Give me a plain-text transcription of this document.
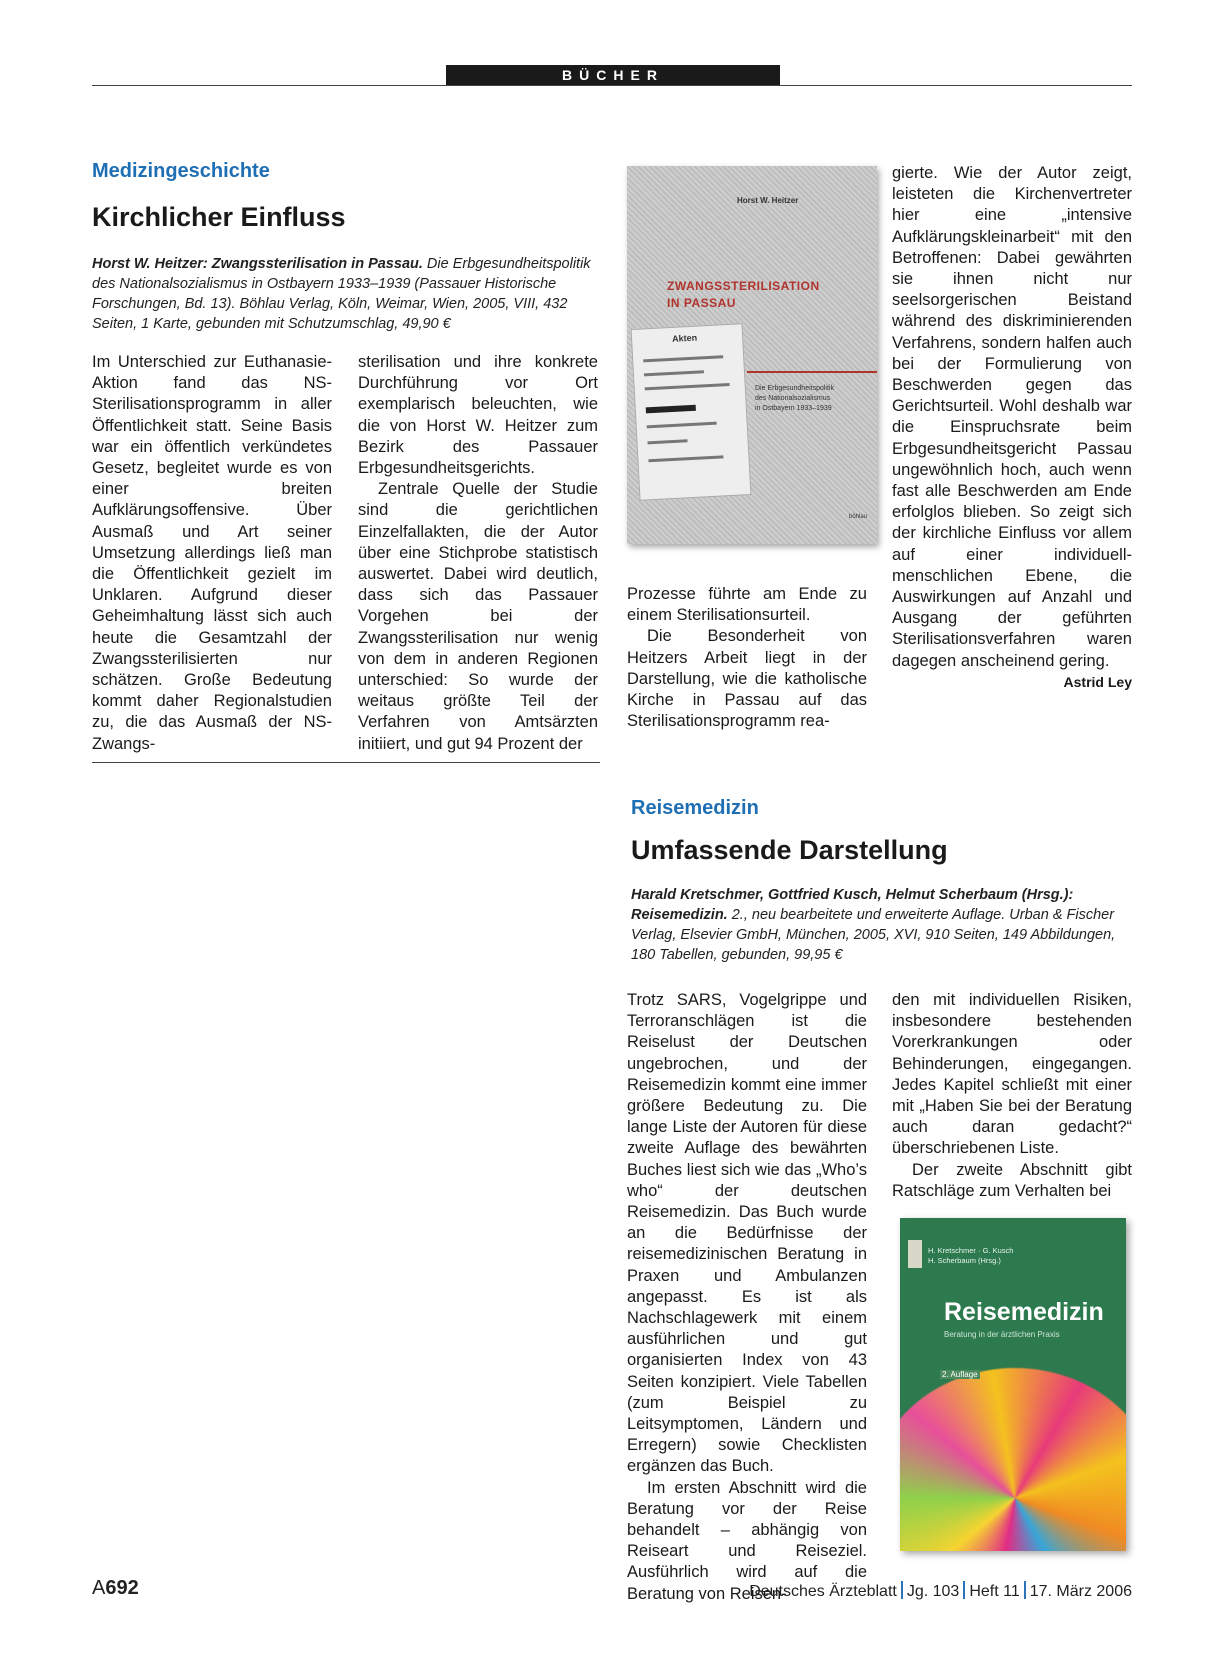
BÜCHER
Medizingeschichte
Kirchlicher Einfluss
Horst W. Heitzer: Zwangssterilisation in Passau. Die Erbgesundheitspolitik des Nationalsozialismus in Ostbayern 1933–1939 (Passauer Historische Forschungen, Bd. 13). Böhlau Verlag, Köln, Weimar, Wien, 2005, VIII, 432 Seiten, 1 Karte, gebunden mit Schutzumschlag, 49,90 €

Im Unterschied zur Euthanasie-Aktion fand das NS-Sterilisationsprogramm in aller Öffentlichkeit statt. Seine Basis war ein öffentlich verkündetes Gesetz, begleitet wurde es von einer breiten Aufklärungsoffensive. Über Ausmaß und Art seiner Umsetzung allerdings ließ man die Öffentlichkeit gezielt im Unklaren. Aufgrund dieser Geheimhaltung lässt sich auch heute die Gesamtzahl der Zwangssterilisierten nur schätzen. Große Bedeutung kommt daher Regionalstudien zu, die das Ausmaß der NS-Zwangs-

sterilisation und ihre konkrete Durchführung vor Ort exemplarisch beleuchten, wie die von Horst W. Heitzer zum Bezirk des Passauer Erbgesundheitsgerichts.

Zentrale Quelle der Studie sind die gerichtlichen Einzelfallakten, die der Autor über eine Stichprobe statistisch auswertet. Dabei wird deutlich, dass sich das Passauer Vorgehen bei der Zwangssterilisation nur wenig von dem in anderen Regionen unterschied: So wurde der weitaus größte Teil der Verfahren von Amtsärzten initiiert, und gut 94 Prozent der

Horst W. Heitzer
ZWANGSSTERILISATION
IN PASSAU
Akten
Die Erbgesundheitspolitik
des Nationalsozialismus
in Ostbayern 1933–1939
böhlau

Prozesse führte am Ende zu einem Sterilisationsurteil.

Die Besonderheit von Heitzers Arbeit liegt in der Darstellung, wie die katholische Kirche in Passau auf das Sterilisationsprogramm rea-

gierte. Wie der Autor zeigt, leisteten die Kirchenvertreter hier eine „intensive Aufklärungskleinarbeit“ mit den Betroffenen: Dabei gewährten sie ihnen nicht nur seelsorgerischen Beistand während des diskriminierenden Verfahrens, sondern halfen auch bei der Formulierung von Beschwerden gegen das Gerichtsurteil. Wohl deshalb war die Einspruchsrate beim Erbgesundheitsgericht Passau ungewöhnlich hoch, auch wenn fast alle Beschwerden am Ende erfolglos blieben. So zeigt sich der kirchliche Einfluss vor allem auf einer individuell-menschlichen Ebene, die Auswirkungen auf Anzahl und Ausgang der geführten Sterilisationsverfahren waren dagegen anscheinend gering.
Astrid Ley

Reisemedizin
Umfassende Darstellung
Harald Kretschmer, Gottfried Kusch, Helmut Scherbaum (Hrsg.): Reisemedizin. 2., neu bearbeitete und erweiterte Auflage. Urban & Fischer Verlag, Elsevier GmbH, München, 2005, XVI, 910 Seiten, 149 Abbildungen, 180 Tabellen, gebunden, 99,95 €

Trotz SARS, Vogelgrippe und Terroranschlägen ist die Reiselust der Deutschen ungebrochen, und der Reisemedizin kommt eine immer größere Bedeutung zu. Die lange Liste der Autoren für diese zweite Auflage des bewährten Buches liest sich wie das „Who’s who“ der deutschen Reisemedizin. Das Buch wurde an die Bedürfnisse der reisemedizinischen Beratung in Praxen und Ambulanzen angepasst. Es ist als Nachschlagewerk mit einem ausführlichen und gut organisierten Index von 43 Seiten konzipiert. Viele Tabellen (zum Beispiel zu Leitsymptomen, Ländern und Erregern) sowie Checklisten ergänzen das Buch.

Im ersten Abschnitt wird die Beratung vor der Reise behandelt – abhängig von Reiseart und Reiseziel. Ausführlich wird auf die Beratung von Reisen-

den mit individuellen Risiken, insbesondere bestehenden Vorerkrankungen oder Behinderungen, eingegangen. Jedes Kapitel schließt mit einer mit „Haben Sie bei der Beratung auch daran gedacht?“ überschriebenen Liste.

Der zweite Abschnitt gibt Ratschläge zum Verhalten bei

H. Kretschmer · G. Kusch
H. Scherbaum (Hrsg.)
Reisemedizin
Beratung in der ärztlichen Praxis
2. Auflage
A692	Deutsches Ärzteblatt Jg. 103 Heft 11 17. März 2006
